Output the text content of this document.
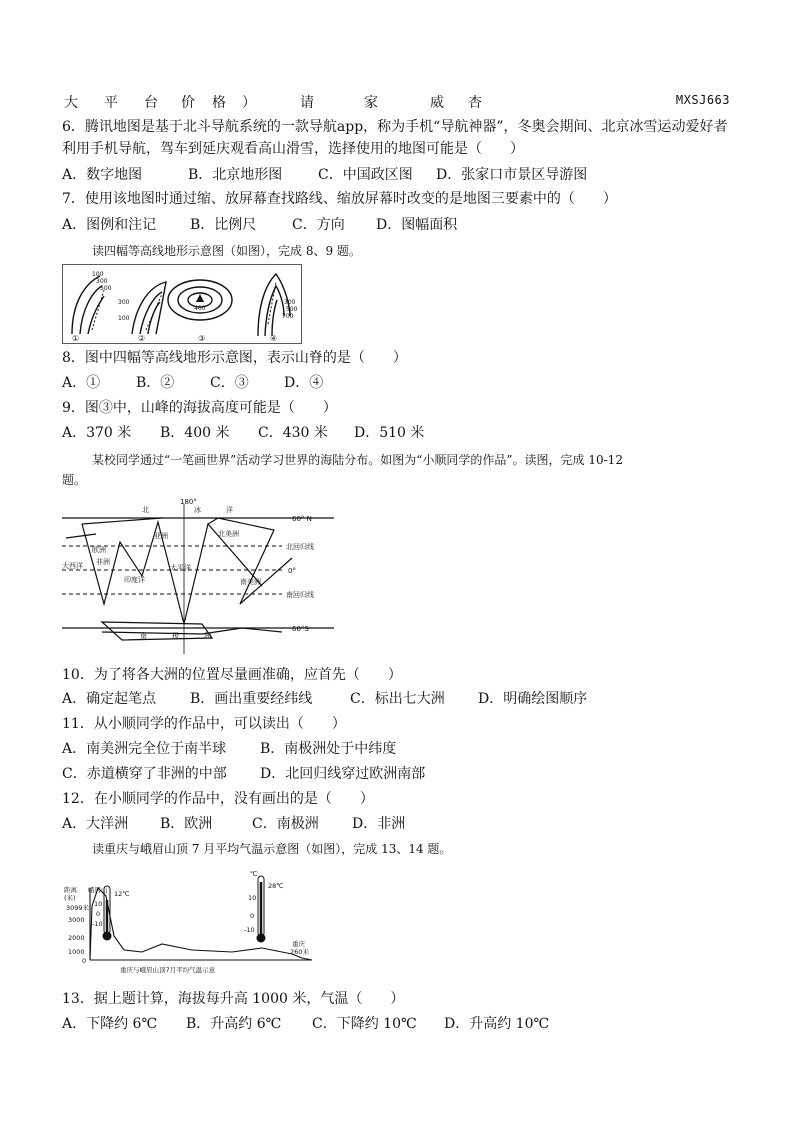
大 平 台 价 格 ）	请	家	威 杏	MXSJ663
6．腾讯地图是基于北斗导航系统的一款导航app，称为手机“导航神器”，冬奥会期间、北京冰雪运动爱好者
利用手机导航，驾车到延庆观看高山滑雪，选择使用的地图可能是（　　）
A．数字地图	B．北京地形图	C．中国政区图 D．张家口市景区导游图
7．使用该地图时通过缩、放屏幕查找路线、缩放屏幕时改变的是地图三要素中的（　　）
A．图例和注记 B．比例尺	C．方向 D．图幅面积
读四幅等高线地形示意图（如图），完成 8、9 题。
100
300
500
300
100
400
300
500
700
①	②	③	④
8．图中四幅等高线地形示意图，表示山脊的是（　　）
A．①	B．②	C．③	D．④
9．图③中，山峰的海拔高度可能是（　　）
A．370 米 B．400 米 C．430 米 D．510 米
某校同学通过“一笔画世界”活动学习世界的海陆分布。如图为“小顺同学的作品”。读图，完成 10-12
题。
北	洋
180°
冰
60° N
北回归线
0°
南回归线
60°S
亚洲	北美洲
欧洲
非洲
大西洋	太平洋
印度洋	南美洲
南	极	洲
10．为了将各大洲的位置尽量画准确，应首先（　　）
A．确定起笔点 B．画出重要经纬线	C．标出七大洲 D．明确绘图顺序
11．从小顺同学的作品中，可以读出（　　）
A．南美洲完全位于南半球 B．南极洲处于中纬度
C．赤道横穿了非洲的中部 D．北回归线穿过欧洲南部
12．在小顺同学的作品中，没有画出的是（　　）
A．大洋洲 B．欧洲	C．南极洲 D．非洲
读重庆与峨眉山顶 7 月平均气温示意图（如图），完成 13、14 题。
距离 峨眉山
(米)
3099米
12℃
10
0
-10
3000
2000
1000
0
℃
28℃
10
0
-10
重庆
260米
重庆与峨眉山顶7月平均气温示意
13．据上题计算，海拔每升高 1000 米，气温（　　）
A．下降约 6℃ B．升高约 6℃ C．下降约 10℃ D．升高约 10℃
